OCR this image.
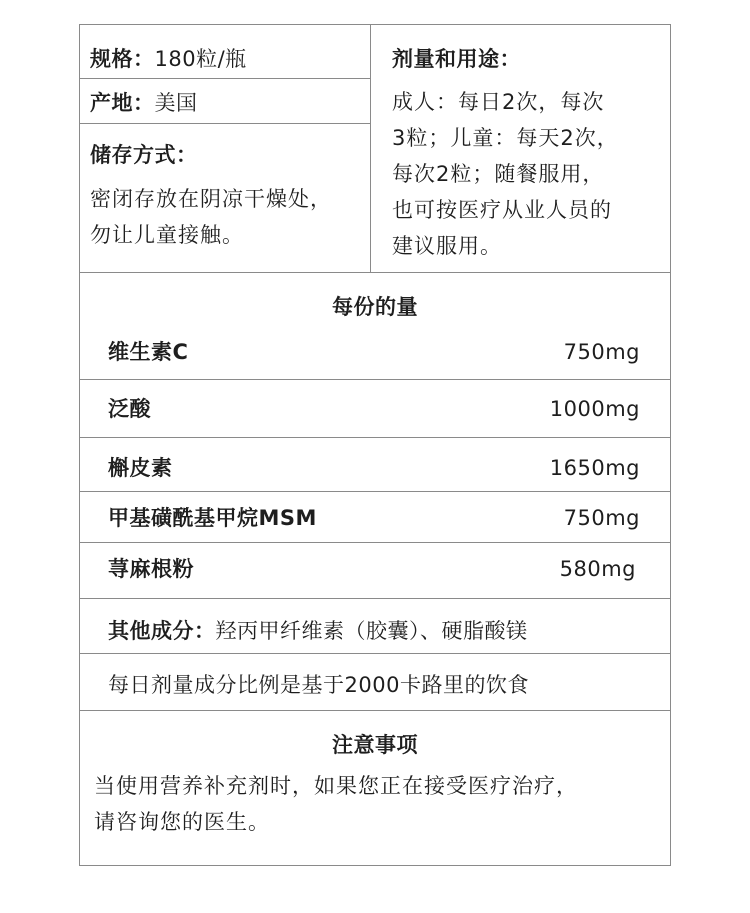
规格：180粒/瓶
产地：美国
储存方式：
密闭存放在阴凉干燥处，
勿让儿童接触。
剂量和用途：
成人：每日2次，每次
3粒；儿童：每天2次，
每次2粒；随餐服用，
也可按医疗从业人员的
建议服用。
每份的量
维生素C	750mg
泛酸	1000mg
槲皮素	1650mg
甲基磺酰基甲烷MSM	750mg
荨麻根粉	580mg
其他成分：羟丙甲纤维素（胶囊）、硬脂酸镁
每日剂量成分比例是基于2000卡路里的饮食
注意事项
当使用营养补充剂时，如果您正在接受医疗治疗，
请咨询您的医生。
